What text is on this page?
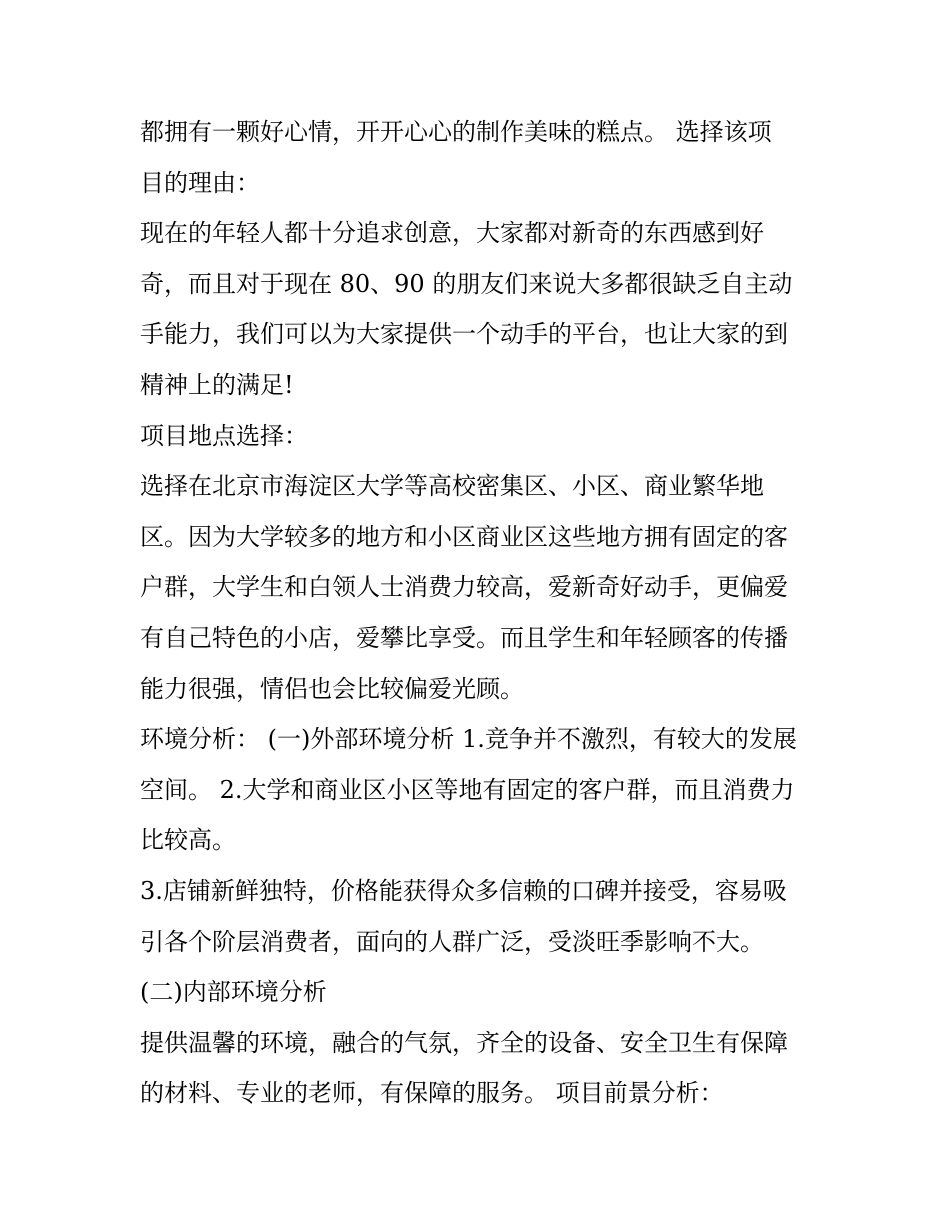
都拥有一颗好心情，开开心心的制作美味的糕点。 选择该项
目的理由：
现在的年轻人都十分追求创意，大家都对新奇的东西感到好
奇，而且对于现在 80、90 的朋友们来说大多都很缺乏自主动
手能力，我们可以为大家提供一个动手的平台，也让大家的到
精神上的满足!
项目地点选择：
选择在北京市海淀区大学等高校密集区、小区、商业繁华地
区。因为大学较多的地方和小区商业区这些地方拥有固定的客
户群，大学生和白领人士消费力较高，爱新奇好动手，更偏爱
有自己特色的小店，爱攀比享受。而且学生和年轻顾客的传播
能力很强，情侣也会比较偏爱光顾。
环境分析： (一)外部环境分析 1.竞争并不激烈，有较大的发展
空间。 2.大学和商业区小区等地有固定的客户群，而且消费力
比较高。
3.店铺新鲜独特，价格能获得众多信赖的口碑并接受，容易吸
引各个阶层消费者，面向的人群广泛，受淡旺季影响不大。
(二)内部环境分析
提供温馨的环境，融合的气氛，齐全的设备、安全卫生有保障
的材料、专业的老师，有保障的服务。 项目前景分析：
